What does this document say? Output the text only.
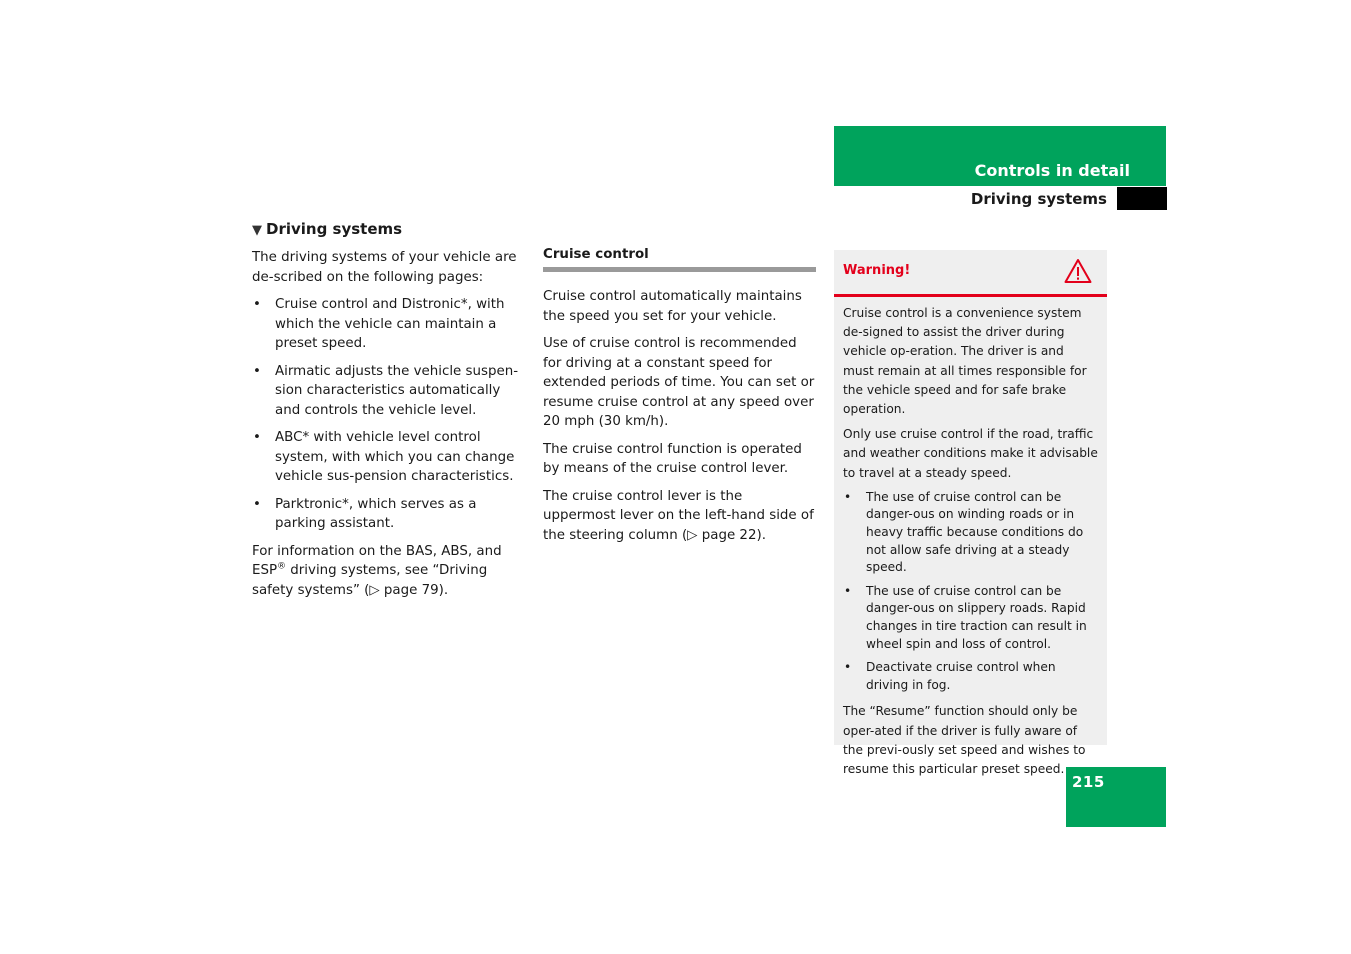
Controls in detail
Driving systems
▼ Driving systems

The driving systems of your vehicle are de-scribed on the following pages:

• Cruise control and Distronic*, with which the vehicle can maintain a preset speed.
• Airmatic adjusts the vehicle suspen-sion characteristics automatically and controls the vehicle level.
• ABC* with vehicle level control system, with which you can change vehicle sus-pension characteristics.
• Parktronic*, which serves as a parking assistant.

For information on the BAS, ABS, and ESP® driving systems, see “Driving safety systems” (▷ page 79).

Cruise control

Cruise control automatically maintains the speed you set for your vehicle.

Use of cruise control is recommended for driving at a constant speed for extended periods of time. You can set or resume cruise control at any speed over 20 mph (30 km/h).

The cruise control function is operated by means of the cruise control lever.

The cruise control lever is the uppermost lever on the left-hand side of the steering column (▷ page 22).

Warning!

Cruise control is a convenience system de-signed to assist the driver during vehicle op-eration. The driver is and must remain at all times responsible for the vehicle speed and for safe brake operation.

Only use cruise control if the road, traffic and weather conditions make it advisable to travel at a steady speed.

• The use of cruise control can be danger-ous on winding roads or in heavy traffic because conditions do not allow safe driving at a steady speed.
• The use of cruise control can be danger-ous on slippery roads. Rapid changes in tire traction can result in wheel spin and loss of control.
• Deactivate cruise control when driving in fog.

The “Resume” function should only be oper-ated if the driver is fully aware of the previ-ously set speed and wishes to resume this particular preset speed.

215
